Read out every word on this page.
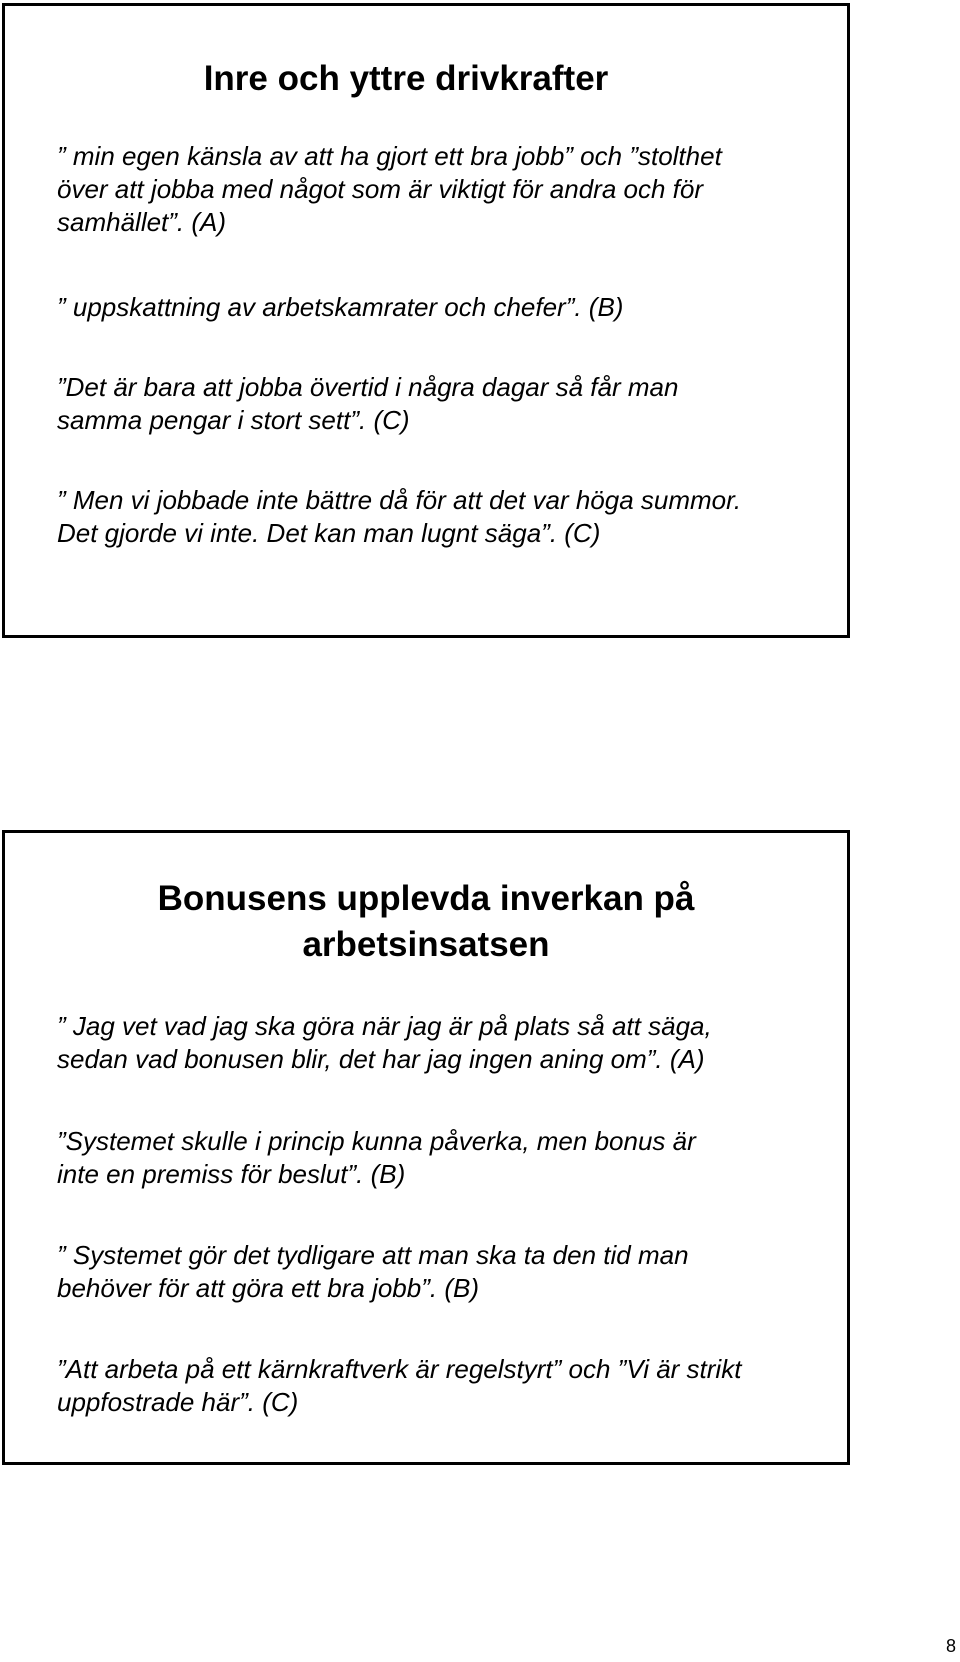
Inre och yttre drivkrafter

” min egen känsla av att ha gjort ett bra jobb” och ”stolthet
över att jobba med något som är viktigt för andra och för
samhället”. (A)

” uppskattning av arbetskamrater och chefer”. (B)

”Det är bara att jobba övertid i några dagar så får man
samma pengar i stort sett”. (C)

” Men vi jobbade inte bättre då för att det var höga summor.
Det gjorde vi inte. Det kan man lugnt säga”. (C)

Bonusens upplevda inverkan på arbetsinsatsen

” Jag vet vad jag ska göra när jag är på plats så att säga,
sedan vad bonusen blir, det har jag ingen aning om”. (A)

”Systemet skulle i princip kunna påverka, men bonus är
inte en premiss för beslut”. (B)

” Systemet gör det tydligare att man ska ta den tid man
behöver för att göra ett bra jobb”. (B)

”Att arbeta på ett kärnkraftverk är regelstyrt” och ”Vi är strikt
uppfostrade här”. (C)

8
